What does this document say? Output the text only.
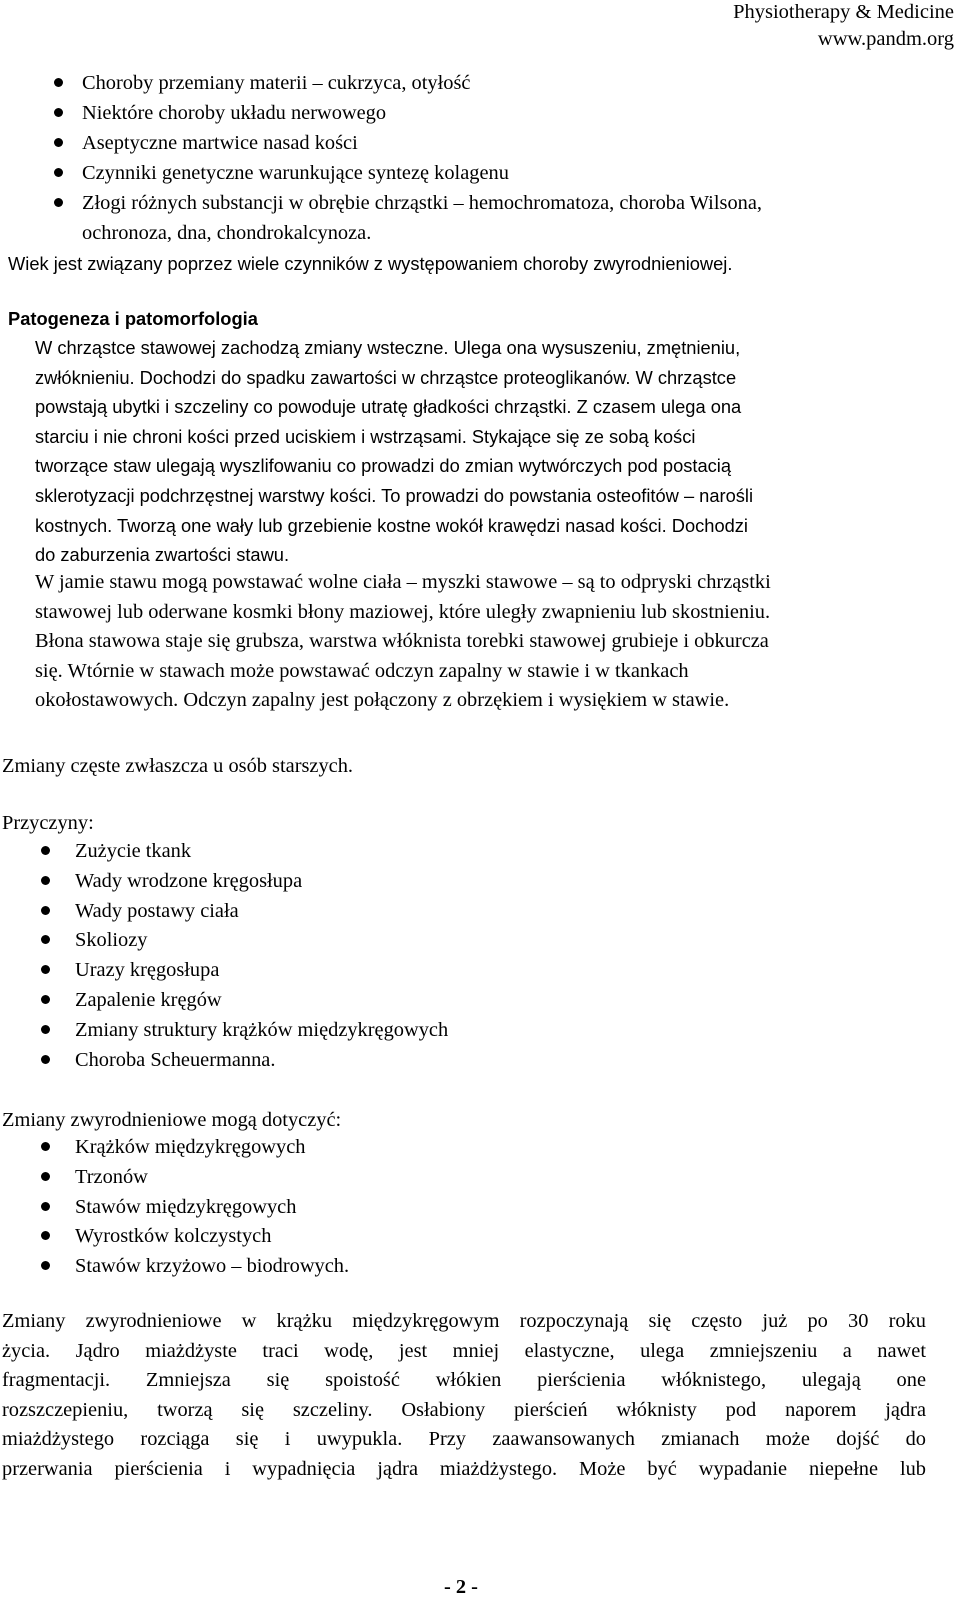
Physiotherapy & Medicine
www.pandm.org
Choroby przemiany materii – cukrzyca, otyłość
Niektóre choroby układu nerwowego
Aseptyczne martwice nasad kości
Czynniki genetyczne warunkujące syntezę kolagenu
Złogi różnych substancji w obrębie chrząstki – hemochromatoza, choroba Wilsona,
ochronoza, dna, chondrokalcynoza.
Wiek jest związany poprzez wiele czynników z występowaniem choroby zwyrodnieniowej.
Patogeneza i patomorfologia
W chrząstce stawowej zachodzą zmiany wsteczne. Ulega ona wysuszeniu, zmętnieniu,
zwłóknieniu. Dochodzi do spadku zawartości w chrząstce proteoglikanów. W chrząstce
powstają ubytki i szczeliny co powoduje utratę gładkości chrząstki. Z czasem ulega ona
starciu i nie chroni kości przed uciskiem i wstrząsami. Stykające się ze sobą kości
tworzące staw ulegają wyszlifowaniu co prowadzi do zmian wytwórczych pod postacią
sklerotyzacji podchrzęstnej warstwy kości. To prowadzi do powstania osteofitów – narośli
kostnych. Tworzą one wały lub grzebienie kostne wokół krawędzi nasad kości. Dochodzi
do zaburzenia zwartości stawu.
W jamie stawu mogą powstawać wolne ciała – myszki stawowe – są to odpryski chrząstki
stawowej lub oderwane kosmki błony maziowej, które uległy zwapnieniu lub skostnieniu.
Błona stawowa staje się grubsza, warstwa włóknista torebki stawowej grubieje i obkurcza
się. Wtórnie w stawach może powstawać odczyn zapalny w stawie i w tkankach
okołostawowych. Odczyn zapalny jest połączony z obrzękiem i wysiękiem w stawie.
Zmiany częste zwłaszcza u osób starszych.
Przyczyny:
Zużycie tkank
Wady wrodzone kręgosłupa
Wady postawy ciała
Skoliozy
Urazy kręgosłupa
Zapalenie kręgów
Zmiany struktury krążków międzykręgowych
Choroba Scheuermanna.
Zmiany zwyrodnieniowe mogą dotyczyć:
Krążków międzykręgowych
Trzonów
Stawów międzykręgowych
Wyrostków kolczystych
Stawów krzyżowo – biodrowych.
Zmiany zwyrodnieniowe w krążku międzykręgowym rozpoczynają się często już po 30 roku
życia. Jądro miażdżyste traci wodę, jest mniej elastyczne, ulega zmniejszeniu a nawet
fragmentacji. Zmniejsza się spoistość włókien pierścienia włóknistego, ulegają one
rozszczepieniu, tworzą się szczeliny. Osłabiony pierścień włóknisty pod naporem jądra
miażdżystego rozciąga się i uwypukla. Przy zaawansowanych zmianach może dojść do
przerwania pierścienia i wypadnięcia jądra miażdżystego. Może być wypadanie niepełne lub
- 2 -
